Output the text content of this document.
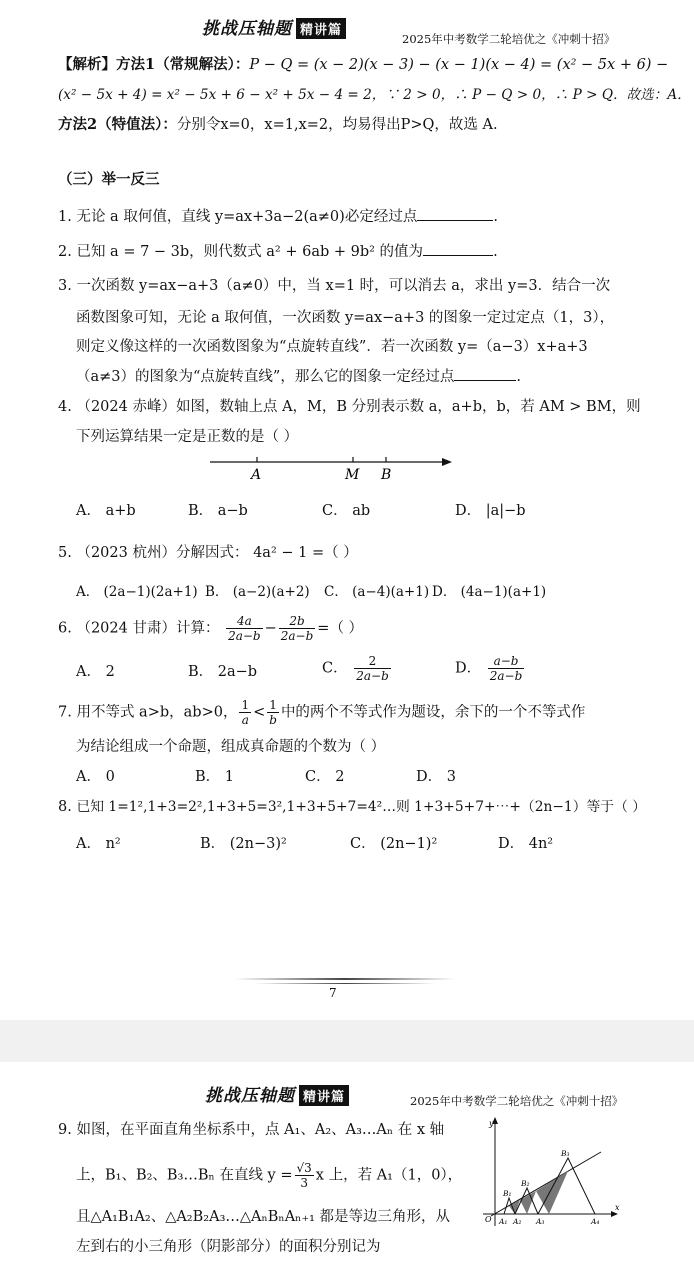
挑战压轴题 精讲篇
2025年中考数学二轮培优之《冲刺十招》
【解析】方法1（常规解法）：P − Q = (x − 2)(x − 3) − (x − 1)(x − 4) = (x² − 5x + 6) −
(x² − 5x + 4) = x² − 5x + 6 − x² + 5x − 4 = 2，∵ 2 > 0，∴ P − Q > 0，∴ P > Q．故选：A．
方法2（特值法）：分别令x=0，x=1,x=2，均易得出P>Q，故选 A.
（三）举一反三
1. 无论 a 取何值，直线 y=ax+3a−2(a≠0)必定经过点	.
2. 已知 a = 7 − 3b，则代数式 a² + 6ab + 9b² 的值为	.
3. 一次函数 y=ax−a+3（a≠0）中，当 x=1 时，可以消去 a，求出 y=3．结合一次
函数图象可知，无论 a 取何值，一次函数 y=ax−a+3 的图象一定过定点（1，3），
则定义像这样的一次函数图象为“点旋转直线”．若一次函数 y=（a−3）x+a+3
（a≠3）的图象为“点旋转直线”，那么它的图象一定经过点	.
4. （2024 赤峰）如图，数轴上点 A，M，B 分别表示数 a，a+b，b，若 AM > BM，则
下列运算结果一定是正数的是（ ）
A	M B
A． a+b	B． a−b	C． ab	D． |a|−b
5. （2023 杭州）分解因式： 4a² − 1 =（ ）
A． (2a−1)(2a+1) B． (a−2)(a+2) C． (a−4)(a+1) D． (4a−1)(a+1)
6. （2024 甘肃）计算： $\frac{4a}{2a-b} - \frac{2b}{2a-b}$ =（ ）
A． 2	B． 2a−b	C． $\frac{2}{2a-b}$	D． $\frac{a-b}{2a-b}$
7. 用不等式 a>b，ab>0， $\frac{1}{a} < \frac{1}{b}$ 中的两个不等式作为题设，余下的一个不等式作
为结论组成一个命题，组成真命题的个数为（ ）
A． 0	B． 1	C． 2	D． 3
8. 已知 1=1²,1+3=2²,1+3+5=3²,1+3+5+7=4²…则 1+3+5+7+⋯+（2n−1）等于（ ）
A． n²	B． (2n−3)²	C． (2n−1)²	D． 4n²
7
挑战压轴题 精讲篇	2025年中考数学二轮培优之《冲刺十招》
9. 如图，在平面直角坐标系中，点 A₁、A₂、A₃…Aₙ 在 x 轴
上，B₁、B₂、B₃…Bₙ 在直线 $y = \frac{√3}{3}$ x 上，若 A₁（1，0），
且△A₁B₁A₂、△A₂B₂A₃…△AₙBₙAₙ₊₁ 都是等边三角形，从
左到右的小三角形（阴影部分）的面积分别记为
y
x
O A₁ A₂ A₃	A₄
B₁
B₂
B₃
